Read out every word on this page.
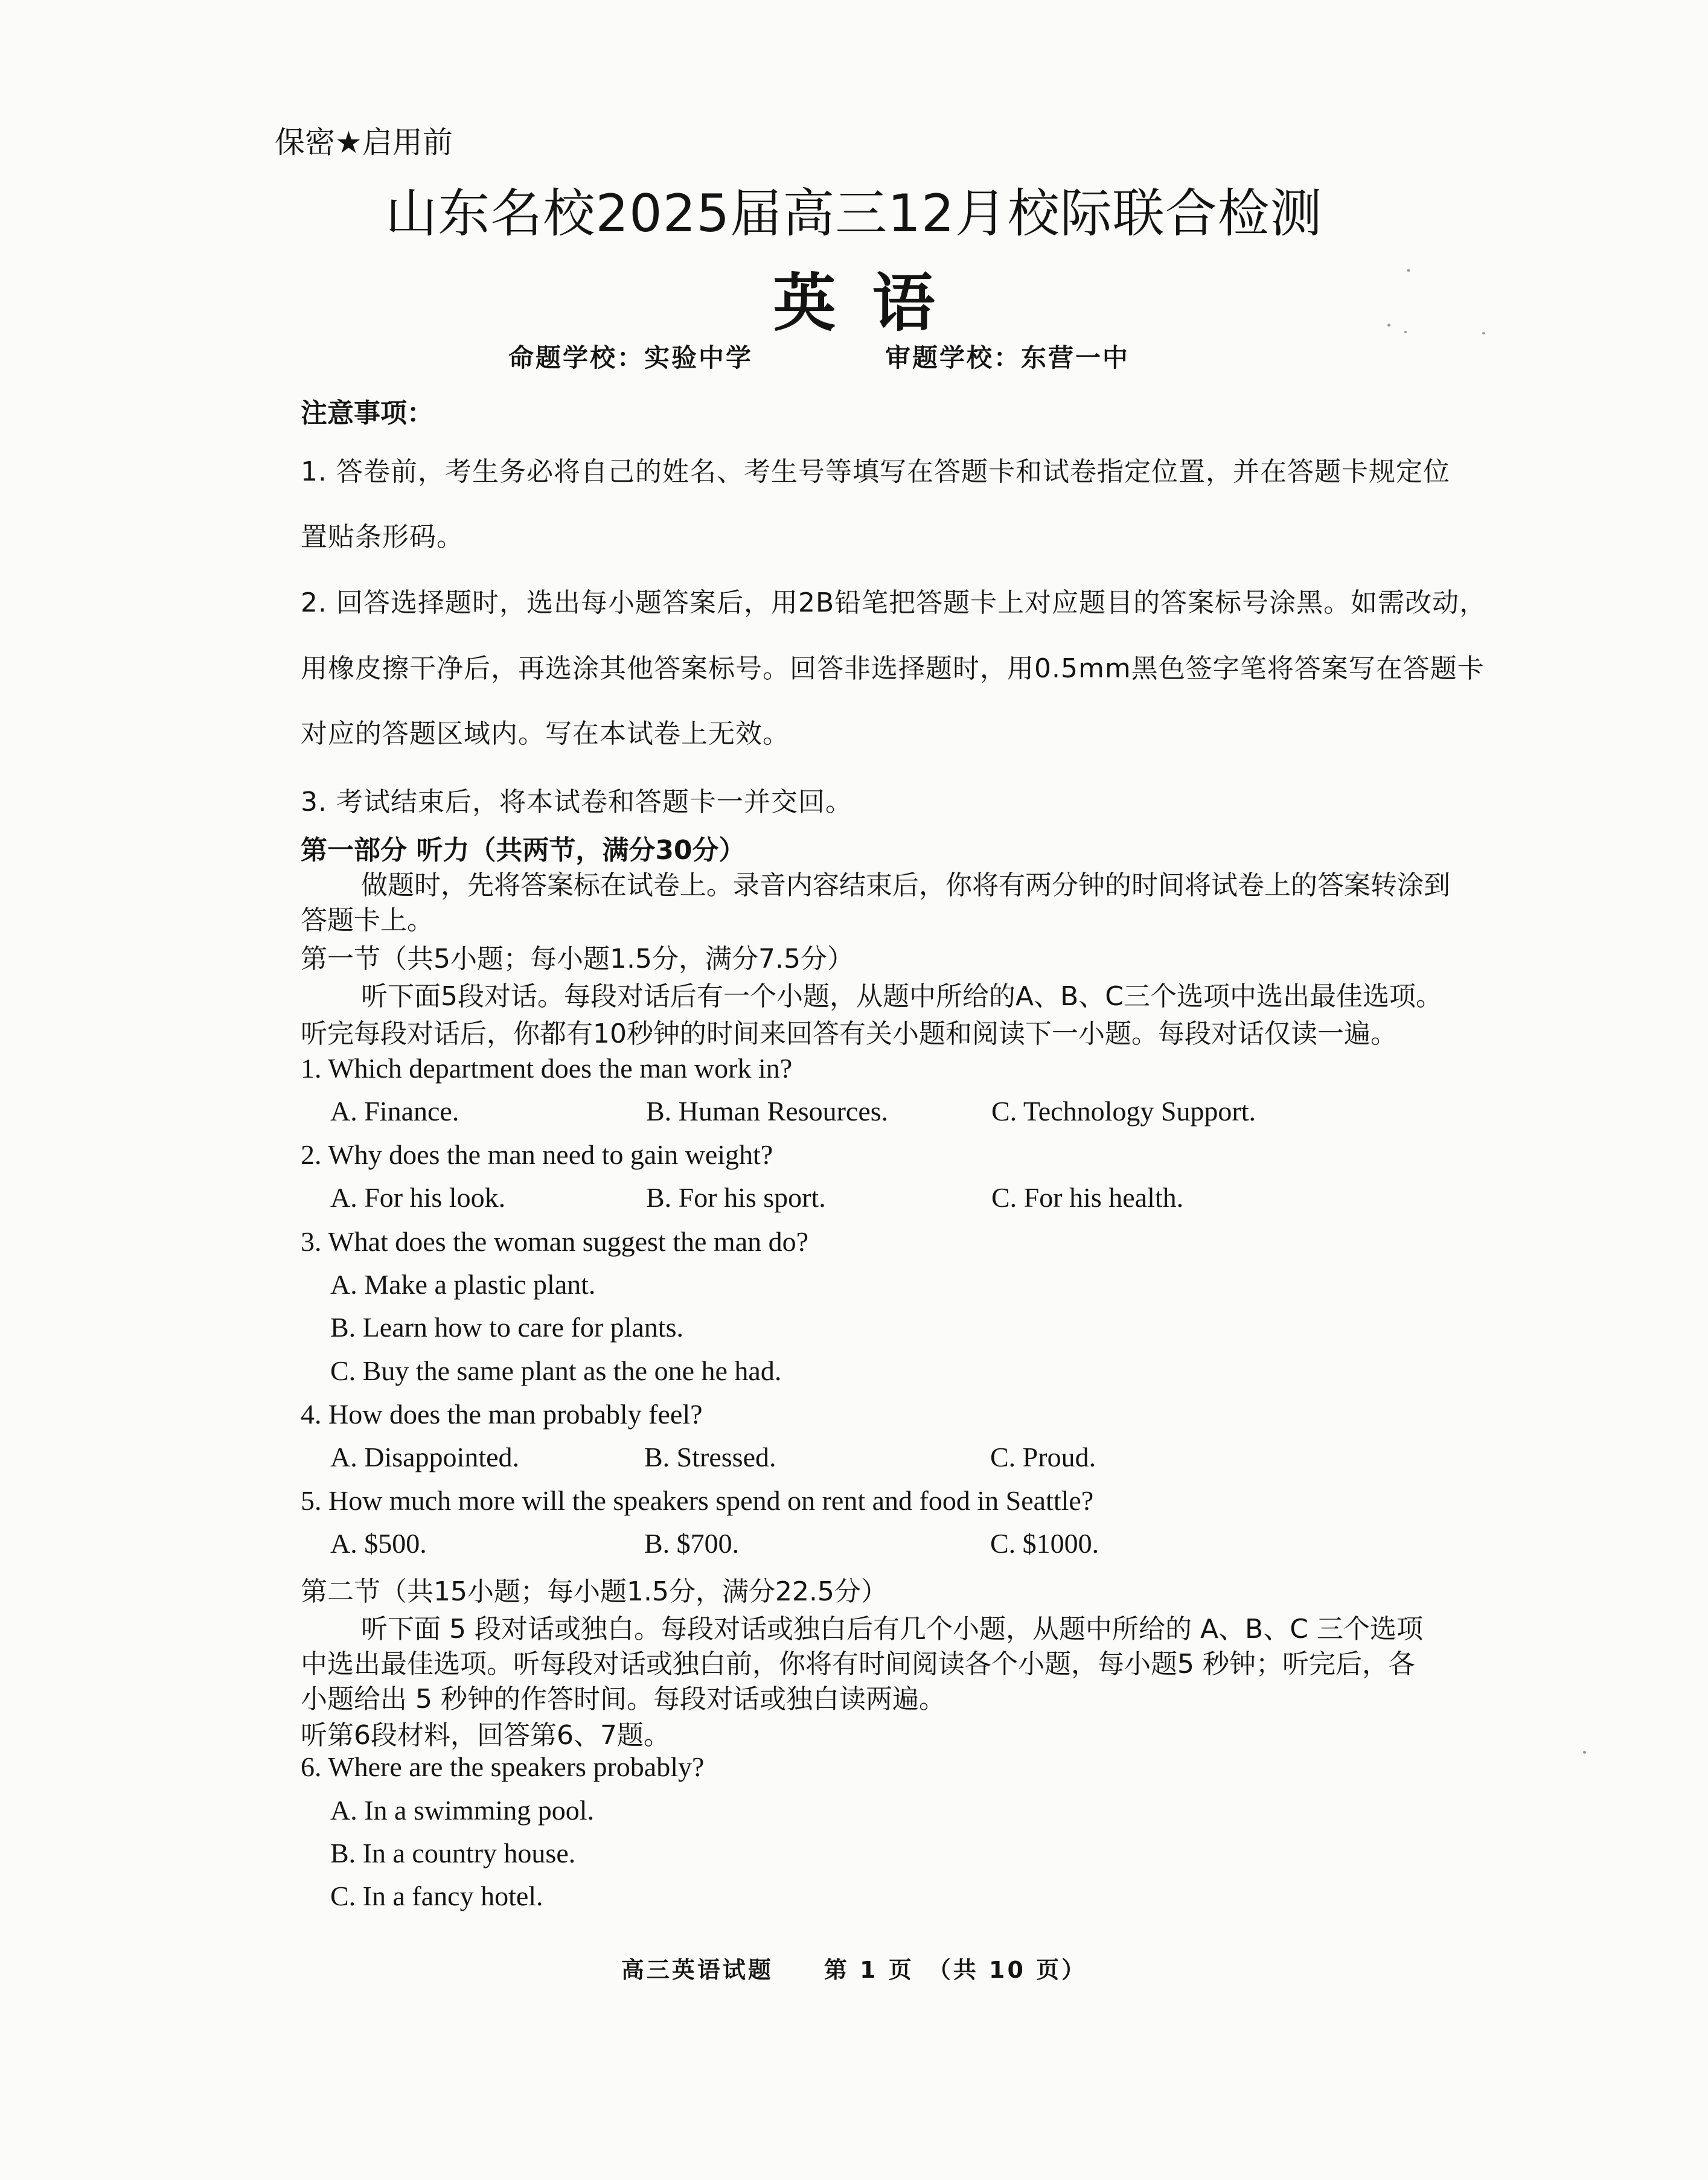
保密★启用前
山东名校2025届高三12月校际联合检测
英语
命题学校：实验中学	审题学校：东营一中
注意事项：
1. 答卷前，考生务必将自己的姓名、考生号等填写在答题卡和试卷指定位置，并在答题卡规定位
置贴条形码。
2. 回答选择题时，选出每小题答案后，用2B铅笔把答题卡上对应题目的答案标号涂黑。如需改动，
用橡皮擦干净后，再选涂其他答案标号。回答非选择题时，用0.5mm黑色签字笔将答案写在答题卡
对应的答题区域内。写在本试卷上无效。
3. 考试结束后，将本试卷和答题卡一并交回。
第一部分 听力（共两节，满分30分）
做题时，先将答案标在试卷上。录音内容结束后，你将有两分钟的时间将试卷上的答案转涂到
答题卡上。
第一节（共5小题；每小题1.5分，满分7.5分）
听下面5段对话。每段对话后有一个小题，从题中所给的A、B、C三个选项中选出最佳选项。
听完每段对话后，你都有10秒钟的时间来回答有关小题和阅读下一小题。每段对话仅读一遍。
1. Which department does the man work in?
A. Finance.	B. Human Resources.	C. Technology Support.
2. Why does the man need to gain weight?
A. For his look.	B. For his sport.	C. For his health.
3. What does the woman suggest the man do?
A. Make a plastic plant.
B. Learn how to care for plants.
C. Buy the same plant as the one he had.
4. How does the man probably feel?
A. Disappointed.	B. Stressed.	C. Proud.
5. How much more will the speakers spend on rent and food in Seattle?
A. $500.	B. $700.	C. $1000.
第二节（共15小题；每小题1.5分，满分22.5分）
听下面 5 段对话或独白。每段对话或独白后有几个小题，从题中所给的 A、B、C 三个选项
中选出最佳选项。听每段对话或独白前，你将有时间阅读各个小题，每小题5 秒钟；听完后，各
小题给出 5 秒钟的作答时间。每段对话或独白读两遍。
听第6段材料，回答第6、7题。
6. Where are the speakers probably?
A. In a swimming pool.
B. In a country house.
C. In a fancy hotel.
高三英语试题　　第 1 页　（共 10 页）
